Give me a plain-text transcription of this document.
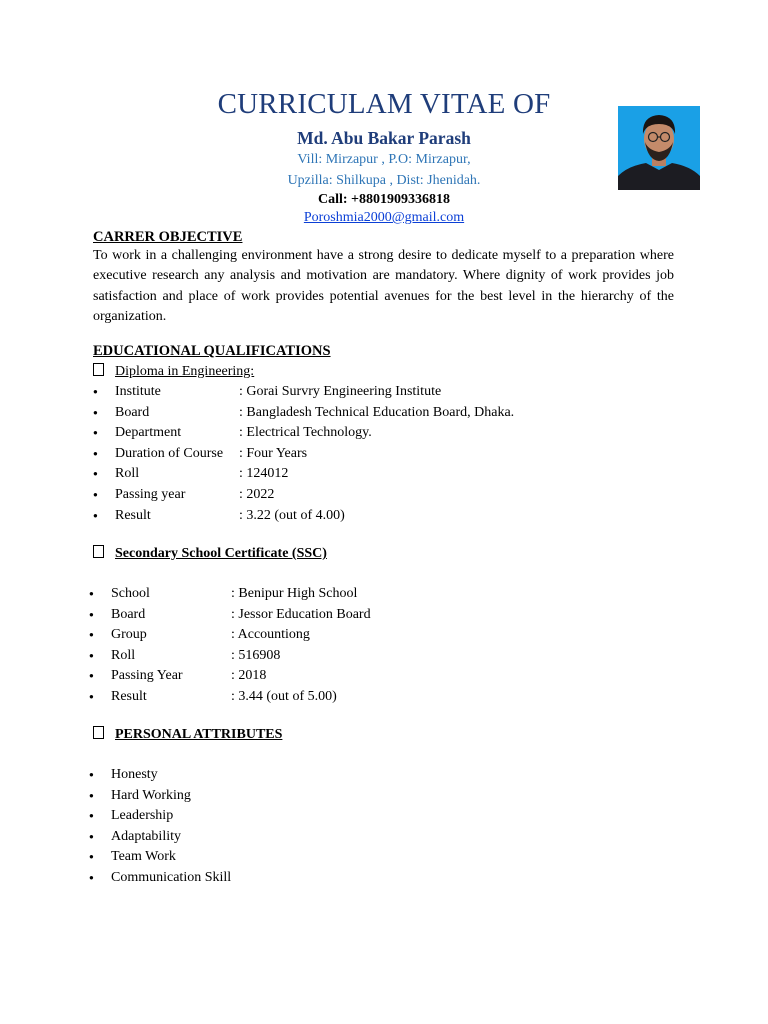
CURRICULAM VITAE OF
Md. Abu Bakar Parash
Vill: Mirzapur , P.O: Mirzapur,
Upzilla: Shilkupa , Dist: Jhenidah.
Call: +8801909336818
Poroshmia2000@gmail.com
CARRER OBJECTIVE
To work in a challenging environment have a strong desire to dedicate myself to a preparation where executive research any analysis and motivation are mandatory. Where dignity of work provides job satisfaction and place of work provides potential avenues for the best level in the hierarchy of the organization.
EDUCATIONAL QUALIFICATIONS
Diploma in Engineering:
● Institute	: Gorai Survry Engineering Institute
● Board	: Bangladesh Technical Education Board, Dhaka.
● Department	: Electrical Technology.
● Duration of Course : Four Years
● Roll	: 124012
● Passing year	: 2022
● Result	: 3.22 (out of 4.00)
Secondary School Certificate (SSC)
● School	: Benipur High School
● Board	: Jessor Education Board
● Group	: Accountiong
● Roll	: 516908
● Passing Year	: 2018
● Result	: 3.44 (out of 5.00)
PERSONAL ATTRIBUTES
● Honesty
● Hard Working
● Leadership
● Adaptability
● Team Work
● Communication Skill
